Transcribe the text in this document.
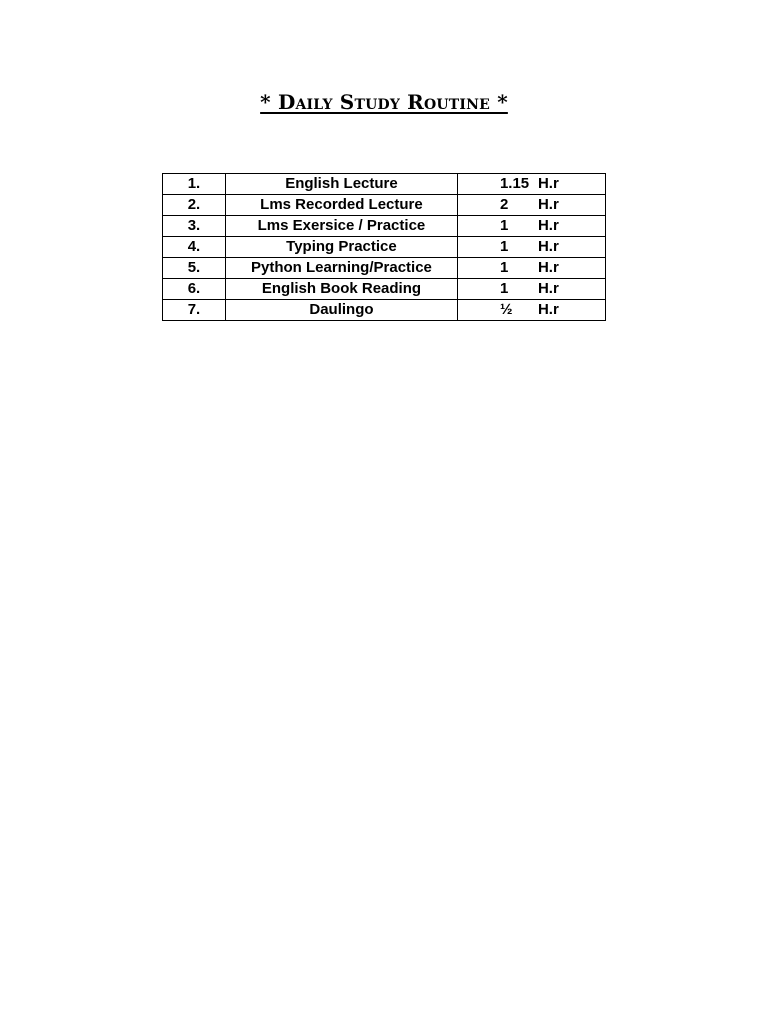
* Daily Study Routine *
1.	English Lecture	1.15 H.r
2.	Lms Recorded Lecture	2 H.r
3.	Lms Exersice / Practice	1 H.r
4.	Typing Practice	1 H.r
5.	Python Learning/Practice	1 H.r
6.	English Book Reading	1 H.r
7.	Daulingo	½ H.r
